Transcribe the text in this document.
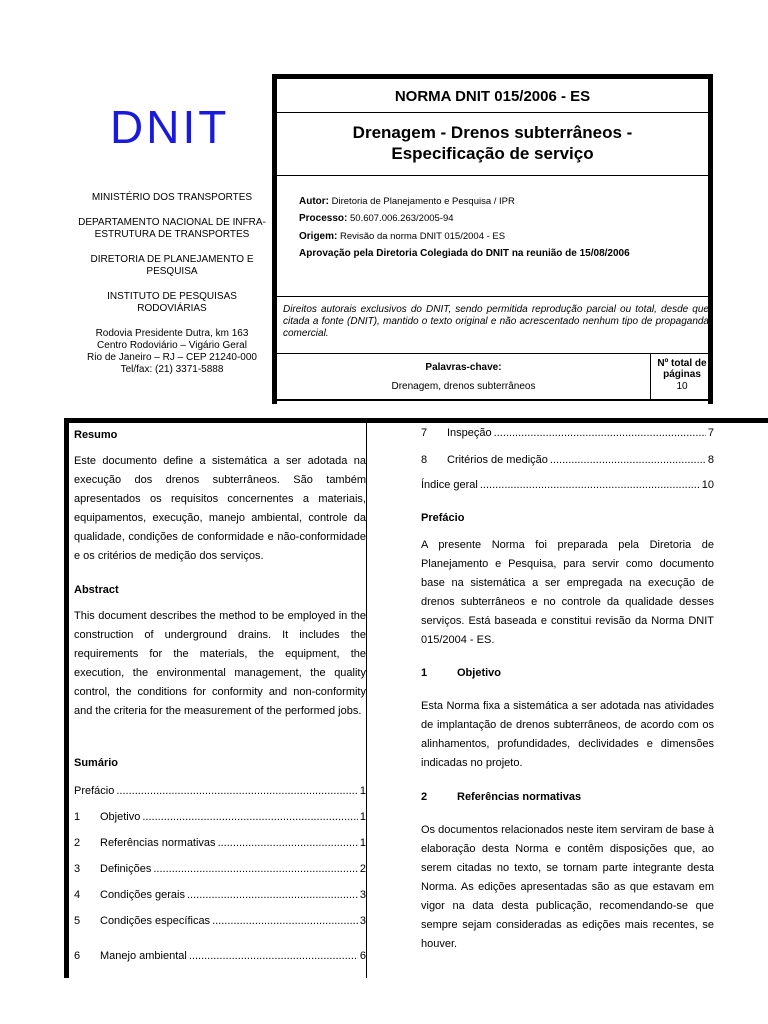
DNIT
MINISTÉRIO DOS TRANSPORTES
DEPARTAMENTO NACIONAL DE INFRA-
ESTRUTURA DE TRANSPORTES
DIRETORIA DE PLANEJAMENTO E
PESQUISA
INSTITUTO DE PESQUISAS
RODOVIÁRIAS
Rodovia Presidente Dutra, km 163
Centro Rodoviário – Vigário Geral
Rio de Janeiro – RJ – CEP 21240-000
Tel/fax: (21) 3371-5888
NORMA DNIT 015/2006 - ES
Drenagem - Drenos subterrâneos -
Especificação de serviço
Autor: Diretoria de Planejamento e Pesquisa / IPR
Processo: 50.607.006.263/2005-94
Origem: Revisão da norma DNIT 015/2004 - ES
Aprovação pela Diretoria Colegiada do DNIT na reunião de 15/08/2006
Direitos autorais exclusivos do DNIT, sendo permitida reprodução parcial ou total, desde que citada a fonte (DNIT), mantido o texto original e não acrescentado nenhum tipo de propaganda comercial.
Palavras-chave:
Drenagem, drenos subterrâneos
Nº total de
páginas
10
Resumo
Este documento define a sistemática a ser adotada na execução dos drenos subterrâneos. São também apresentados os requisitos concernentes a materiais, equipamentos, execução, manejo ambiental, controle da qualidade, condições de conformidade e não-conformidade e os critérios de medição dos serviços.
Abstract
This document describes the method to be employed in the construction of underground drains. It includes the requirements for the materials, the equipment, the execution, the environmental management, the quality control, the conditions for conformity and non-conformity and the criteria for the measurement of the performed jobs.
Sumário
Prefácio .....	1
1	Objetivo .....	1
2	Referências normativas .....	1
3	Definições .....	2
4	Condições gerais .....	3
5	Condições específicas .....	3
6	Manejo ambiental .....	6
7	Inspeção .....	7
8	Critérios de medição .....	8
Índice geral .....	10
Prefácio
A presente Norma foi preparada pela Diretoria de Planejamento e Pesquisa, para servir como documento base na sistemática a ser empregada na execução de drenos subterrâneos e no controle da qualidade desses serviços. Está baseada e constitui revisão da Norma DNIT 015/2004 - ES.
1	Objetivo
Esta Norma fixa a sistemática a ser adotada nas atividades de implantação de drenos subterrâneos, de acordo com os alinhamentos, profundidades, declividades e dimensões indicadas no projeto.
2	Referências normativas
Os documentos relacionados neste item serviram de base à elaboração desta Norma e contêm disposições que, ao serem citadas no texto, se tornam parte integrante desta Norma. As edições apresentadas são as que estavam em vigor na data desta publicação, recomendando-se que sempre sejam consideradas as edições mais recentes, se houver.
